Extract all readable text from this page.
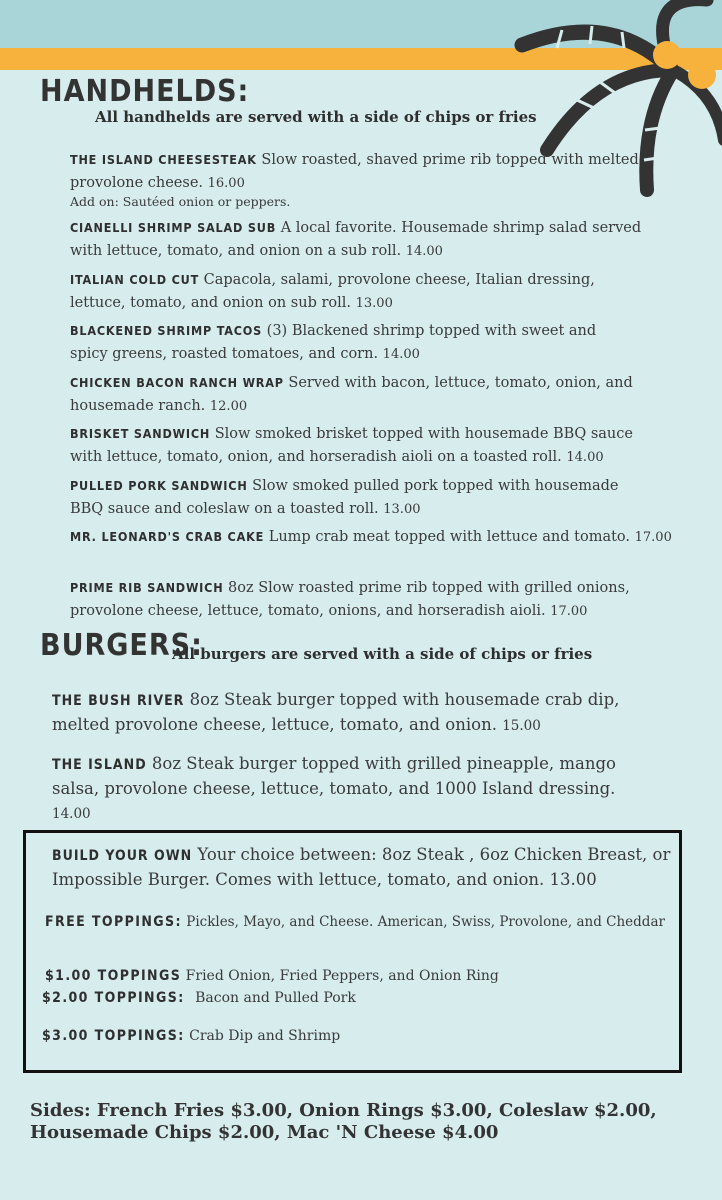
HANDHELDS:
All handhelds are served with a side of chips or fries
THE ISLAND CHEESESTEAK Slow roasted, shaved prime rib topped with melted provolone cheese. 16.00
Add on: Sautéed onion or peppers.
CIANELLI SHRIMP SALAD SUB A local favorite. Housemade shrimp salad served with lettuce, tomato, and onion on a sub roll. 14.00
ITALIAN COLD CUT Capacola, salami, provolone cheese, Italian dressing, lettuce, tomato, and onion on sub roll. 13.00
BLACKENED SHRIMP TACOS (3) Blackened shrimp topped with sweet and spicy greens, roasted tomatoes, and corn. 14.00
CHICKEN BACON RANCH WRAP Served with bacon, lettuce, tomato, onion, and housemade ranch. 12.00
BRISKET SANDWICH Slow smoked brisket topped with housemade BBQ sauce with lettuce, tomato, onion, and horseradish aioli on a toasted roll. 14.00
PULLED PORK SANDWICH Slow smoked pulled pork topped with housemade BBQ sauce and coleslaw on a toasted roll. 13.00
MR. LEONARD'S CRAB CAKE Lump crab meat topped with lettuce and tomato. 17.00
PRIME RIB SANDWICH 8oz Slow roasted prime rib topped with grilled onions, provolone cheese, lettuce, tomato, onions, and horseradish aioli. 17.00
BURGERS:
All burgers are served with a side of chips or fries
THE BUSH RIVER 8oz Steak burger topped with housemade crab dip, melted provolone cheese, lettuce, tomato, and onion. 15.00
THE ISLAND 8oz Steak burger topped with grilled pineapple, mango salsa, provolone cheese, lettuce, tomato, and 1000 Island dressing. 14.00
BUILD YOUR OWN Your choice between: 8oz Steak , 6oz Chicken Breast, or Impossible Burger. Comes with lettuce, tomato, and onion. 13.00
FREE TOPPINGS: Pickles, Mayo, and Cheese. American, Swiss, Provolone, and Cheddar
$1.00 TOPPINGS Fried Onion, Fried Peppers, and Onion Ring
$2.00 TOPPINGS: Bacon and Pulled Pork
$3.00 TOPPINGS: Crab Dip and Shrimp
Sides: French Fries $3.00, Onion Rings $3.00, Coleslaw $2.00,
Housemade Chips $2.00, Mac 'N Cheese $4.00
